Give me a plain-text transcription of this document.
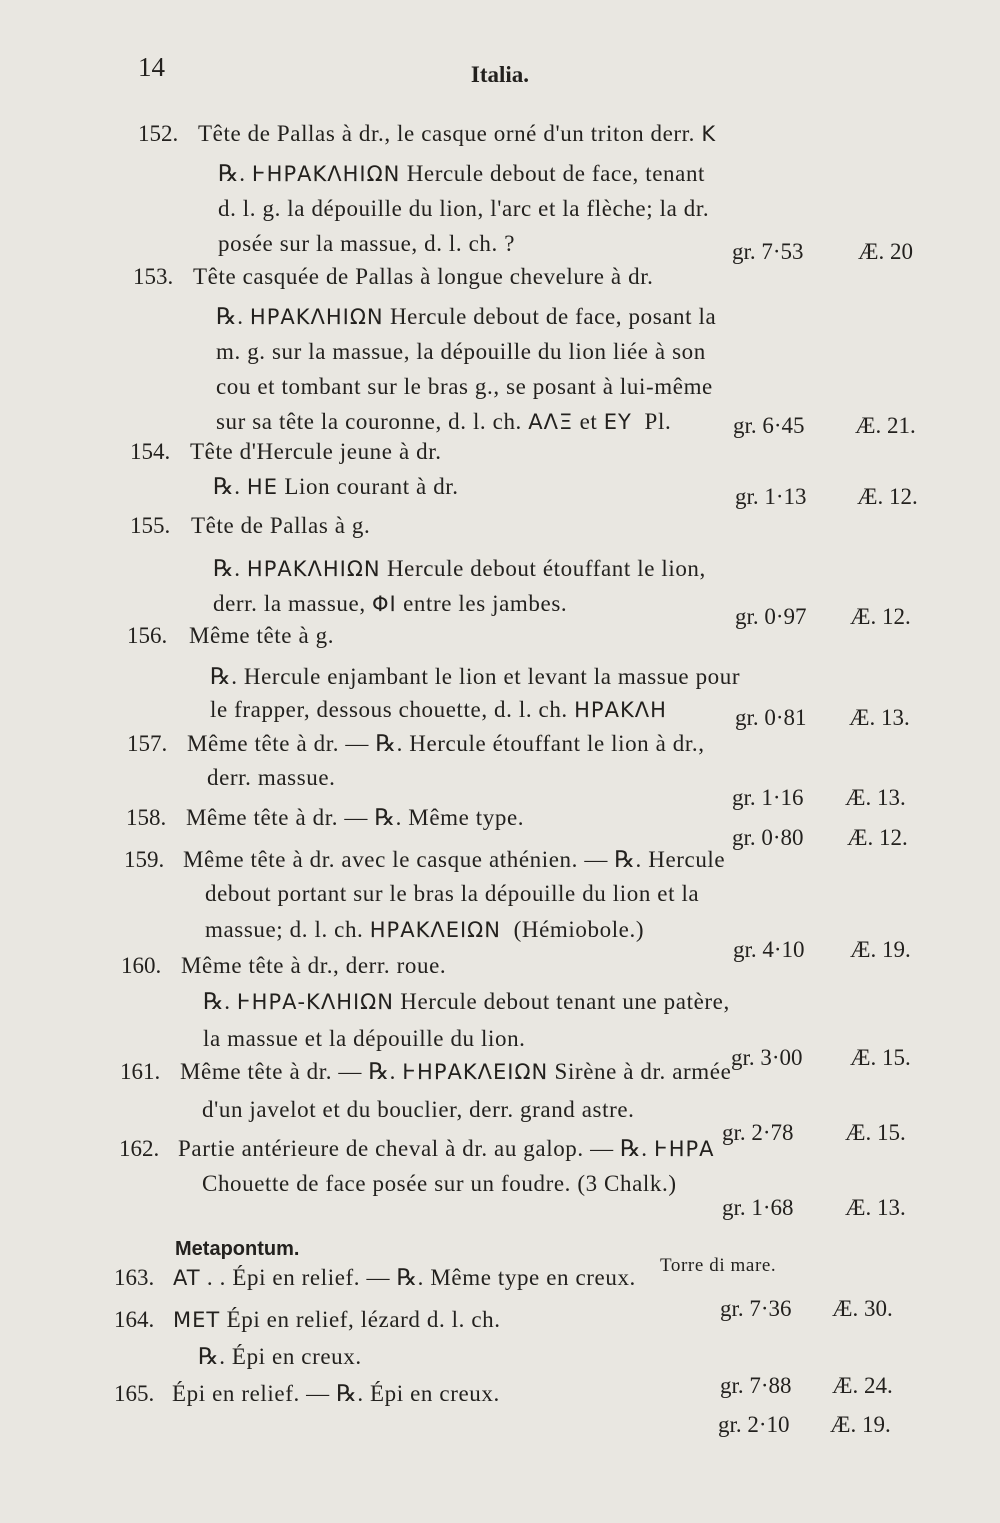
14	Italia.
152. Tête de Pallas à dr., le casque orné d'un triton derr. K
℞. ⱵΗΡΑΚΛΗΙΩΝ Hercule debout de face, tenant
d. l. g. la dépouille du lion, l'arc et la flèche; la dr.
posée sur la massue, d. l. ch. ?	gr. 7·53 Æ. 20
153. Tête casquée de Pallas à longue chevelure à dr.
℞. ΗΡΑΚΛΗΙΩΝ Hercule debout de face, posant la
m. g. sur la massue, la dépouille du lion liée à son
cou et tombant sur le bras g., se posant à lui-même
sur sa tête la couronne, d. l. ch. ΑΛΞ et ΕΥ  Pl.	gr. 6·45 Æ. 21.
154. Tête d'Hercule jeune à dr.
℞. ΗΕ Lion courant à dr.	gr. 1·13 Æ. 12.
155. Tête de Pallas à g.
℞. ΗΡΑΚΛΗΙΩΝ Hercule debout étouffant le lion,
derr. la massue, ΦΙ entre les jambes.
gr. 0·97 Æ. 12.
156. Même tête à g.
℞. Hercule enjambant le lion et levant la massue pour
le frapper, dessous chouette, d. l. ch. ΗΡΑΚΛΗ	gr. 0·81 Æ. 13.
157. Même tête à dr. — ℞. Hercule étouffant le lion à dr.,
derr. massue.
gr. 1·16 Æ. 13.
158. Même tête à dr. — ℞. Même type.
gr. 0·80 Æ. 12.
159. Même tête à dr. avec le casque athénien. — ℞. Hercule
debout portant sur le bras la dépouille du lion et la
massue; d. l. ch. ΗΡΑΚΛΕΙΩΝ  (Hémiobole.)
gr. 4·10 Æ. 19.
160. Même tête à dr., derr. roue.
℞. ⱵΗΡΑ-ΚΛΗΙΩΝ Hercule debout tenant une patère,
la massue et la dépouille du lion.
gr. 3·00 Æ. 15.
161. Même tête à dr. — ℞. ⱵΗΡΑΚΛΕΙΩΝ Sirène à dr. armée
d'un javelot et du bouclier, derr. grand astre.
gr. 2·78 Æ. 15.
162. Partie antérieure de cheval à dr. au galop. — ℞. ⱵΗΡΑ
Chouette de face posée sur un foudre. (3 Chalk.)
gr. 1·68 Æ. 13.
163. AT . . Épi en relief. — ℞. Même type en creux.
gr. 7·36 Æ. 30.
164. MET Épi en relief, lézard d. l. ch.
℞. Épi en creux.
gr. 7·88 Æ. 24.
165. Épi en relief. — ℞. Épi en creux.
gr. 2·10 Æ. 19.
Metapontum.
Torre di mare.
